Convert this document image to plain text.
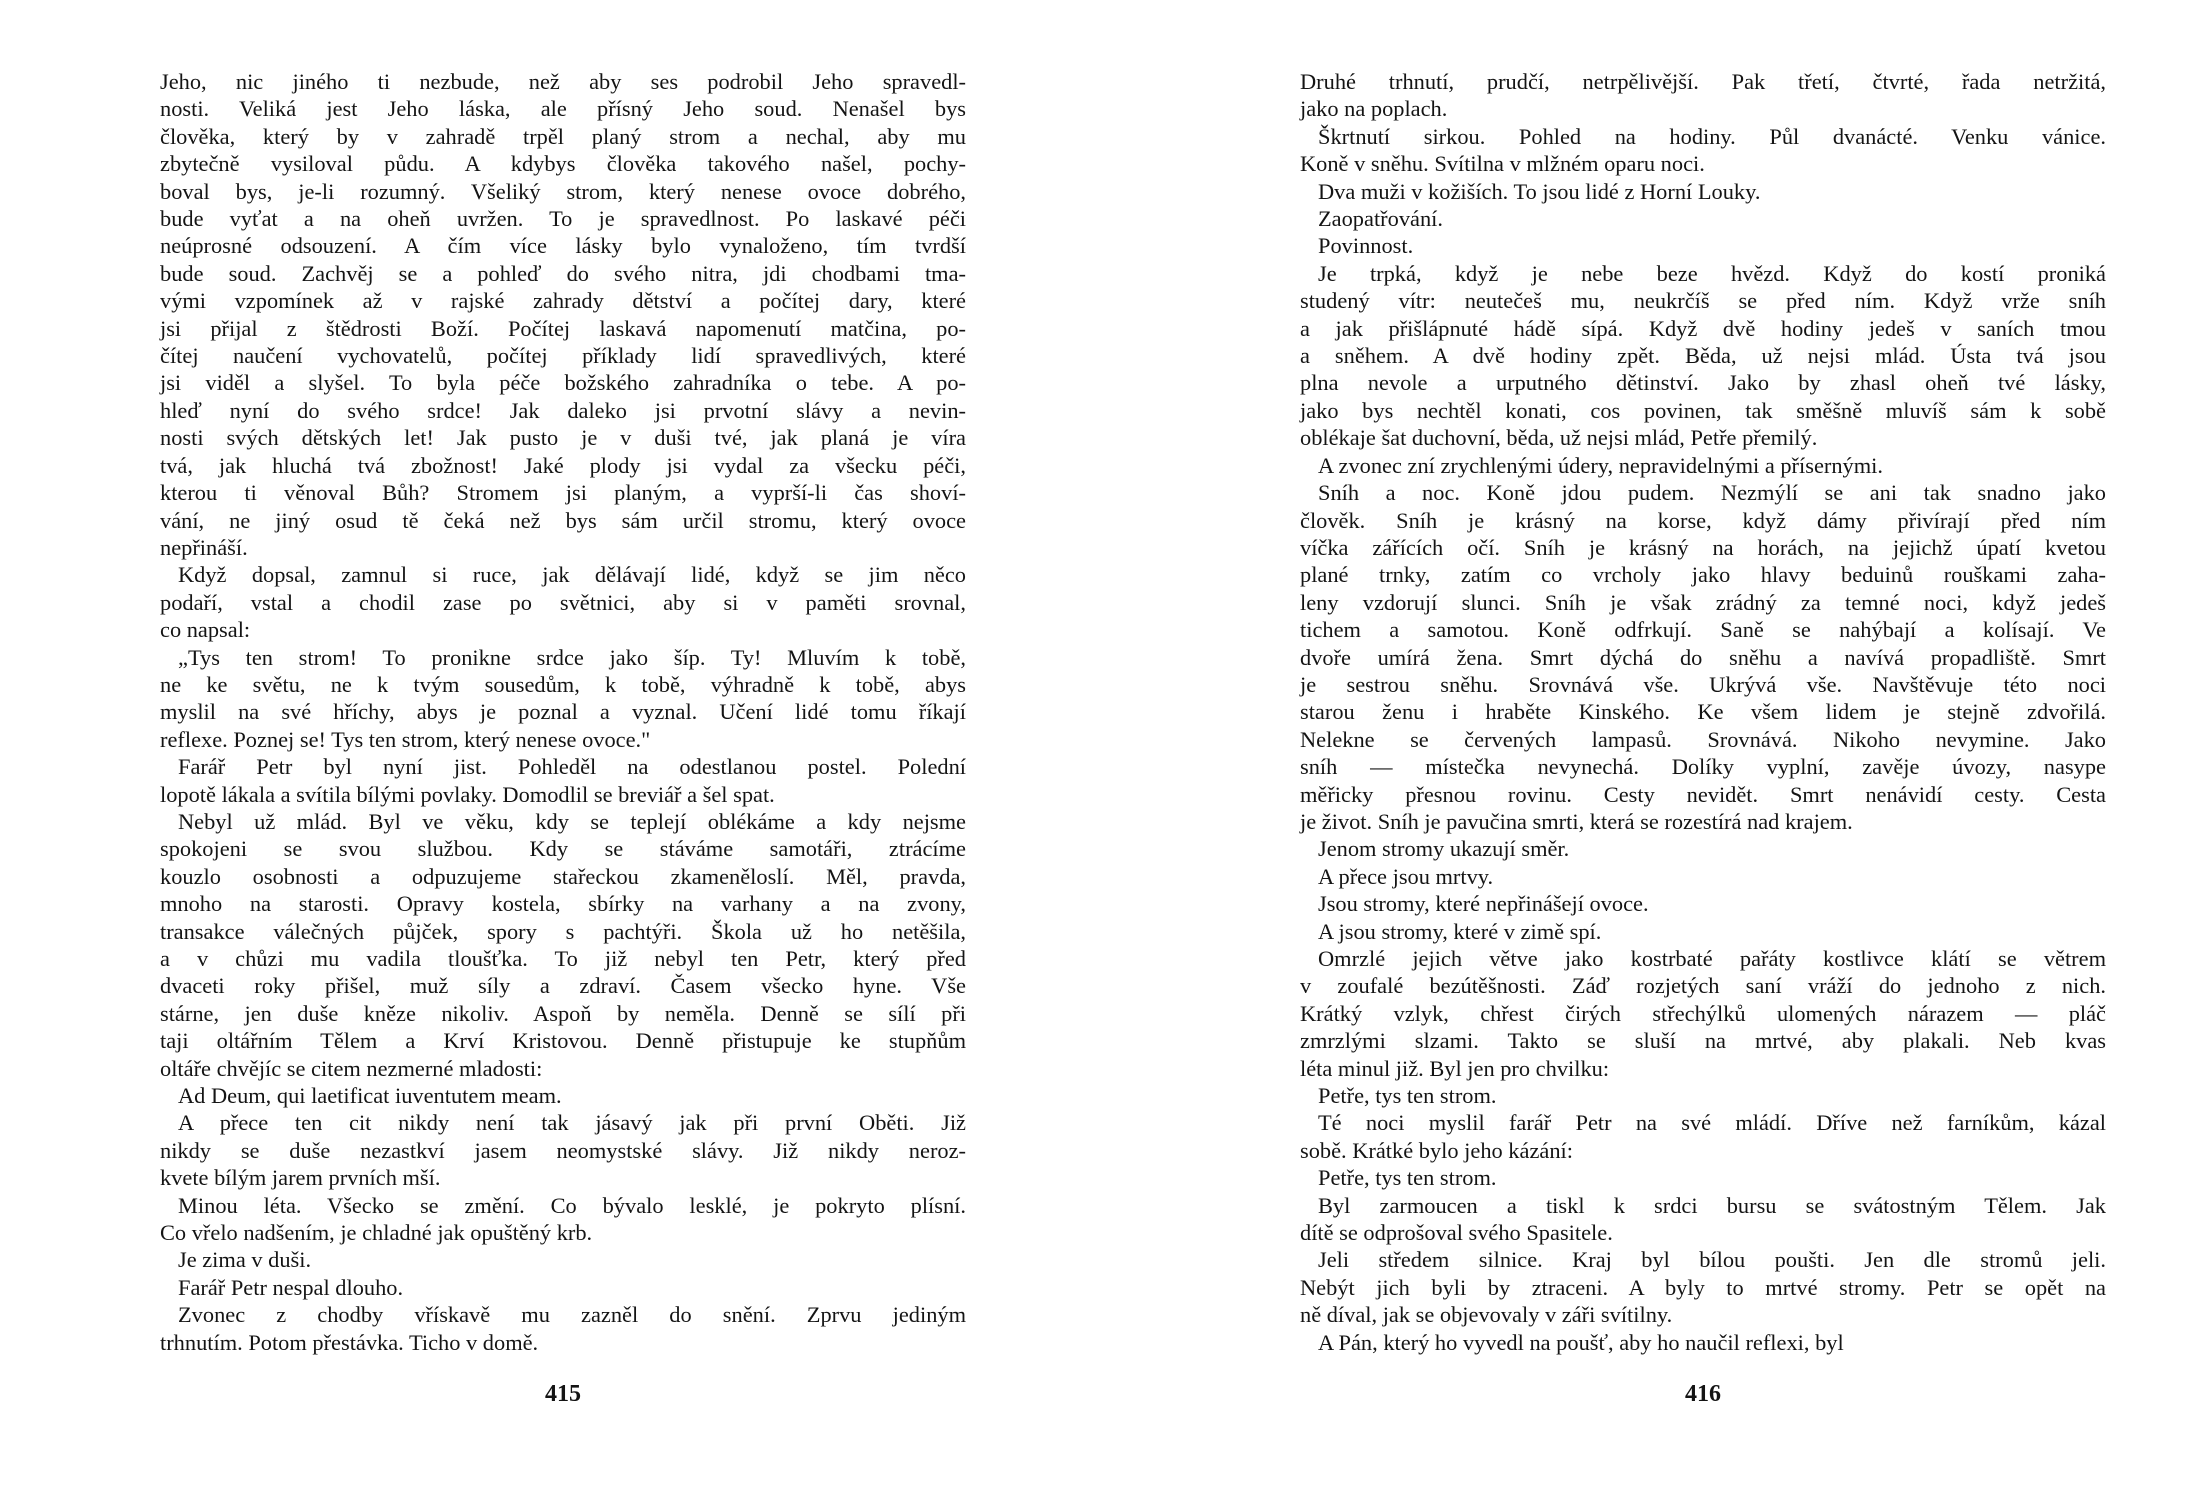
Jeho, nic jiného ti nezbude, než aby ses podrobil Jeho spravedl-
nosti. Veliká jest Jeho láska, ale přísný Jeho soud. Nenašel bys
člověka, který by v zahradě trpěl planý strom a nechal, aby mu
zbytečně vysiloval půdu. A kdybys člověka takového našel, pochy-
boval bys, je-li rozumný. Všeliký strom, který nenese ovoce dobrého,
bude vyťat a na oheň uvržen. To je spravedlnost. Po laskavé péči
neúprosné odsouzení. A čím více lásky bylo vynaloženo, tím tvrdší
bude soud. Zachvěj se a pohleď do svého nitra, jdi chodbami tma-
vými vzpomínek až v rajské zahrady dětství a počítej dary, které
jsi přijal z štědrosti Boží. Počítej laskavá napomenutí matčina, po-
čítej naučení vychovatelů, počítej příklady lidí spravedlivých, které
jsi viděl a slyšel. To byla péče božského zahradníka o tebe. A po-
hleď nyní do svého srdce! Jak daleko jsi prvotní slávy a nevin-
nosti svých dětských let! Jak pusto je v duši tvé, jak planá je víra
tvá, jak hluchá tvá zbožnost! Jaké plody jsi vydal za všecku péči,
kterou ti věnoval Bůh? Stromem jsi planým, a vyprší-li čas shoví-
vání, ne jiný osud tě čeká než bys sám určil stromu, který ovoce
nepřináší.
Když dopsal, zamnul si ruce, jak dělávají lidé, když se jim něco
podaří, vstal a chodil zase po světnici, aby si v paměti srovnal,
co napsal:
„Tys ten strom! To pronikne srdce jako šíp. Ty! Mluvím k tobě,
ne ke světu, ne k tvým sousedům, k tobě, výhradně k tobě, abys
myslil na své hříchy, abys je poznal a vyznal. Učení lidé tomu říkají
reflexe. Poznej se! Tys ten strom, který nenese ovoce."
Farář Petr byl nyní jist. Pohleděl na odestlanou postel. Polední
lopotě lákala a svítila bílými povlaky. Domodlil se breviář a šel spat.
Nebyl už mlád. Byl ve věku, kdy se teplejí oblékáme a kdy nejsme
spokojeni se svou službou. Kdy se stáváme samotáři, ztrácíme
kouzlo osobnosti a odpuzujeme stařeckou zkameněloslí. Měl, pravda,
mnoho na starosti. Opravy kostela, sbírky na varhany a na zvony,
transakce válečných půjček, spory s pachtýři. Škola už ho netěšila,
a v chůzi mu vadila tloušťka. To již nebyl ten Petr, který před
dvaceti roky přišel, muž síly a zdraví. Časem všecko hyne. Vše
stárne, jen duše kněze nikoliv. Aspoň by neměla. Denně se sílí při
taji oltářním Tělem a Krví Kristovou. Denně přistupuje ke stupňům
oltáře chvějíc se citem nezmerné mladosti:
Ad Deum, qui laetificat iuventutem meam.
A přece ten cit nikdy není tak jásavý jak při první Oběti. Již
nikdy se duše nezastkví jasem neomystské slávy. Již nikdy neroz-
kvete bílým jarem prvních mší.
Minou léta. Všecko se změní. Co bývalo lesklé, je pokryto plísní.
Co vřelo nadšením, je chladné jak opuštěný krb.
Je zima v duši.
Farář Petr nespal dlouho.
Zvonec z chodby vřískavě mu zazněl do snění. Zprvu jediným
trhnutím. Potom přestávka. Ticho v domě.
415
Druhé trhnutí, prudčí, netrpělivější. Pak třetí, čtvrté, řada netržitá,
jako na poplach.
Škrtnutí sirkou. Pohled na hodiny. Půl dvanácté. Venku vánice.
Koně v sněhu. Svítilna v mlžném oparu noci.
Dva muži v kožiších. To jsou lidé z Horní Louky.
Zaopatřování.
Povinnost.
Je trpká, když je nebe beze hvězd. Když do kostí proniká
studený vítr: neutečeš mu, neukrčíš se před ním. Když vrže sníh
a jak přišlápnuté hádě sípá. Když dvě hodiny jedeš v saních tmou
a sněhem. A dvě hodiny zpět. Běda, už nejsi mlád. Ústa tvá jsou
plna nevole a urputného dětinství. Jako by zhasl oheň tvé lásky,
jako bys nechtěl konati, cos povinen, tak směšně mluvíš sám k sobě
oblékaje šat duchovní, běda, už nejsi mlád, Petře přemilý.
A zvonec zní zrychlenými údery, nepravidelnými a přísernými.
Sníh a noc. Koně jdou pudem. Nezmýlí se ani tak snadno jako
člověk. Sníh je krásný na korse, když dámy přivírají před ním
víčka zářících očí. Sníh je krásný na horách, na jejichž úpatí kvetou
plané trnky, zatím co vrcholy jako hlavy beduinů rouškami zaha-
leny vzdorují slunci. Sníh je však zrádný za temné noci, když jedeš
tichem a samotou. Koně odfrkují. Saně se nahýbají a kolísají. Ve
dvoře umírá žena. Smrt dýchá do sněhu a navívá propadliště. Smrt
je sestrou sněhu. Srovnává vše. Ukrývá vše. Navštěvuje této noci
starou ženu i hraběte Kinského. Ke všem lidem je stejně zdvořilá.
Nelekne se červených lampasů. Srovnává. Nikoho nevymine. Jako
sníh — místečka nevynechá. Dolíky vyplní, zavěje úvozy, nasype
měřicky přesnou rovinu. Cesty nevidět. Smrt nenávidí cesty. Cesta
je život. Sníh je pavučina smrti, která se rozestírá nad krajem.
Jenom stromy ukazují směr.
A přece jsou mrtvy.
Jsou stromy, které nepřinášejí ovoce.
A jsou stromy, které v zimě spí.
Omrzlé jejich větve jako kostrbaté pařáty kostlivce klátí se větrem
v zoufalé bezútěšnosti. Záď rozjetých saní vráží do jednoho z nich.
Krátký vzlyk, chřest čirých střechýlků ulomených nárazem — pláč
zmrzlými slzami. Takto se sluší na mrtvé, aby plakali. Neb kvas
léta minul již. Byl jen pro chvilku:
Petře, tys ten strom.
Té noci myslil farář Petr na své mládí. Dříve než farníkům, kázal
sobě. Krátké bylo jeho kázání:
Petře, tys ten strom.
Byl zarmoucen a tiskl k srdci bursu se svátostným Tělem. Jak
dítě se odprošoval svého Spasitele.
Jeli středem silnice. Kraj byl bílou poušti. Jen dle stromů jeli.
Nebýt jich byli by ztraceni. A byly to mrtvé stromy. Petr se opět na
ně díval, jak se objevovaly v záři svítilny.
A Pán, který ho vyvedl na poušť, aby ho naučil reflexi, byl
416
